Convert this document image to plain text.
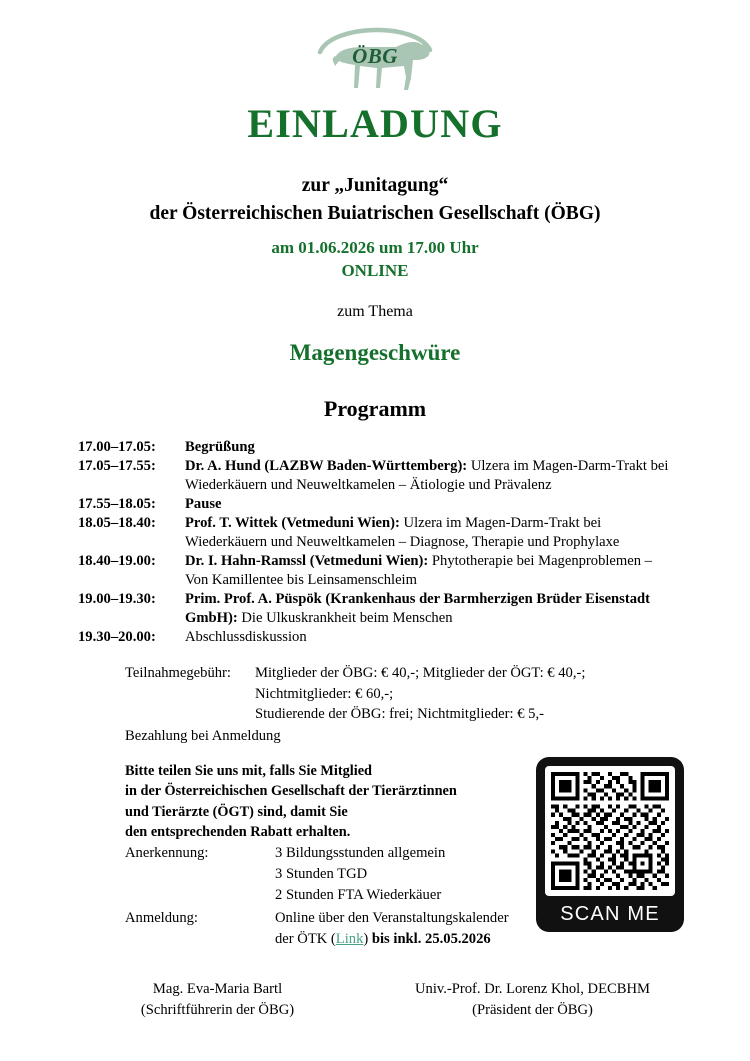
ÖBG
EINLADUNG
zur „Junitagung“
der Österreichischen Buiatrischen Gesellschaft (ÖBG)
am 01.06.2026 um 17.00 Uhr
ONLINE
zum Thema
Magengeschwüre
Programm
17.00–17.05:	Begrüßung
17.05–17.55:	Dr. A. Hund (LAZBW Baden-Württemberg): Ulzera im Magen-Darm-Trakt bei Wiederkäuern und Neuweltkamelen – Ätiologie und Prävalenz
17.55–18.05:	Pause
18.05–18.40:	Prof. T. Wittek (Vetmeduni Wien): Ulzera im Magen-Darm-Trakt bei Wiederkäuern und Neuweltkamelen – Diagnose, Therapie und Prophylaxe
18.40–19.00:	Dr. I. Hahn-Ramssl (Vetmeduni Wien): Phytotherapie bei Magenproblemen – Von Kamillentee bis Leinsamenschleim
19.00–19.30:	Prim. Prof. A. Püspök (Krankenhaus der Barmherzigen Brüder Eisenstadt GmbH): Die Ulkuskrankheit beim Menschen
19.30–20.00:	Abschlussdiskussion
Teilnahmegebühr:	Mitglieder der ÖBG: € 40,-; Mitglieder der ÖGT: € 40,-;
Nichtmitglieder: € 60,-;
Studierende der ÖBG: frei; Nichtmitglieder: € 5,-
Bezahlung bei Anmeldung
Bitte teilen Sie uns mit, falls Sie Mitglied
in der Österreichischen Gesellschaft der Tierärztinnen
und Tierärzte (ÖGT) sind, damit Sie
den entsprechenden Rabatt erhalten.
SCAN ME
Anerkennung:	3 Bildungsstunden allgemein
3 Stunden TGD
2 Stunden FTA Wiederkäuer
Anmeldung:	Online über den Veranstaltungskalender
der ÖTK (Link) bis inkl. 25.05.2026
Mag. Eva-Maria Bartl
(Schriftführerin der ÖBG)
Univ.-Prof. Dr. Lorenz Khol, DECBHM
(Präsident der ÖBG)
